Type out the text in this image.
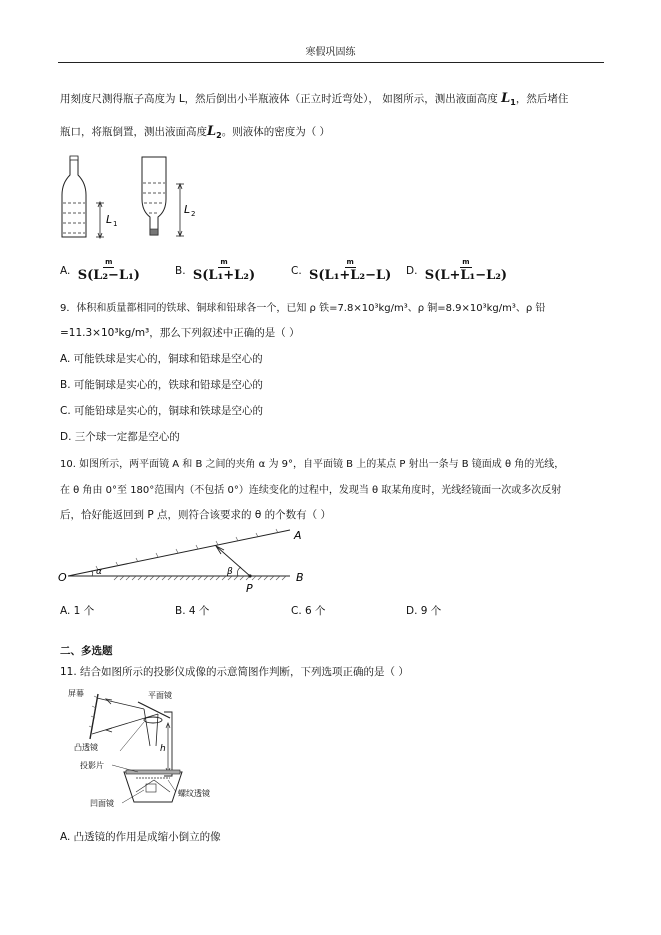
寒假巩固练
用刻度尺测得瓶子高度为 L，然后倒出小半瓶液体（正立时近弯处）， 如图所示，测出液面高度 $L_1$，然后堵住
瓶口，将瓶倒置，测出液面高度$L_2$。则液体的密度为（ ）
L 1
L 2
A. $\frac{m}{\text{S(L₂−L₁)}}$	B. $\frac{m}{\text{S(L₁+L₂)}}$	C. $\frac{m}{\text{S(L₁+L₂−L)}} D$. $\frac{m}{\text{S(L+L₁−L₂)}}$
9．体积和质量都相同的铁球、铜球和铅球各一个，已知 ρ 铁=7.8×10³kg/m³、ρ 铜=8.9×10³kg/m³、ρ 铅
=11.3×10³kg/m³，那么下列叙述中正确的是（ ）
A. 可能铁球是实心的，铜球和铅球是空心的
B. 可能铜球是实心的，铁球和铅球是空心的
C. 可能铅球是实心的，铜球和铁球是空心的
D. 三个球一定都是空心的
10. 如图所示，两平面镜 A 和 B 之间的夹角 α 为 9°，自平面镜 B 上的某点 P 射出一条与 B 镜面成 θ 角的光线，
在 θ 角由 0°至 180°范围内（不包括 0°）连续变化的过程中，发现当 θ 取某角度时，光线经镜面一次或多次反射
后，恰好能返回到 P 点，则符合该要求的 θ 的个数有（ ）
O
A
B
P
α	β
A. 1 个	B. 4 个	C. 6 个	D. 9 个
二、多选题
11. 结合如图所示的投影仪成像的示意简图作判断，下列选项正确的是（ ）
h
屏幕	平面镜
凸透镜
投影片
螺纹透镜
凹面镜
A. 凸透镜的作用是成缩小倒立的像
